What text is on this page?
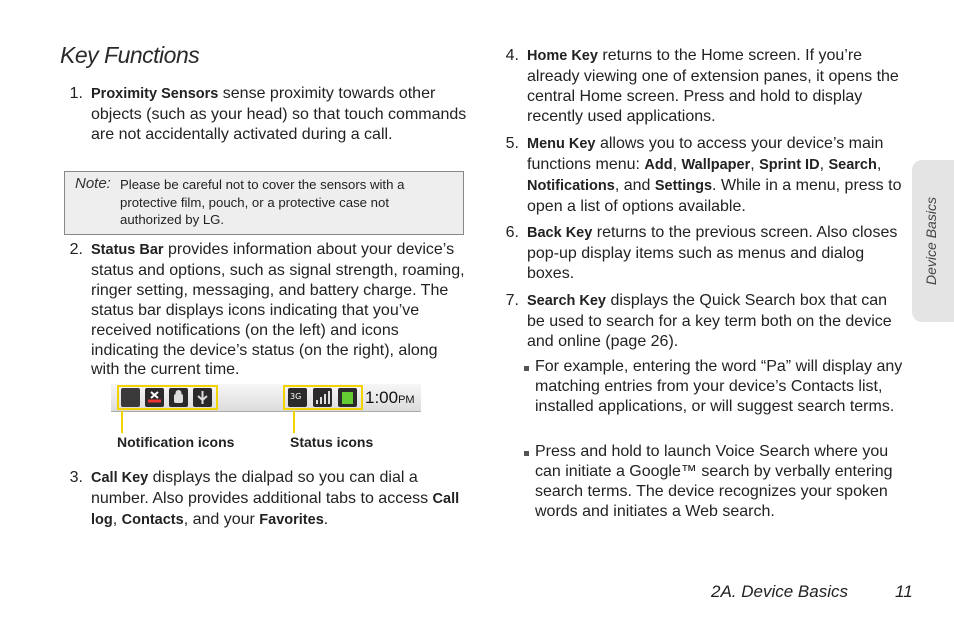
Key Functions
1. Proximity Sensors sense proximity towards other objects (such as your head) so that touch commands are not accidentally activated during a call.
Note: Please be careful not to cover the sensors with a protective film, pouch, or a protective case not authorized by LG.
2. Status Bar provides information about your device’s status and options, such as signal strength, roaming, ringer setting, messaging, and battery charge. The status bar displays icons indicating that you’ve received notifications (on the left) and icons indicating the device’s status (on the right), along with the current time.
3G	1:00PM
Notification icons	Status icons
3. Call Key displays the dialpad so you can dial a number. Also provides additional tabs to access Call log, Contacts, and your Favorites.
4. Home Key returns to the Home screen. If you’re already viewing one of extension panes, it opens the central Home screen. Press and hold to display recently used applications.
5. Menu Key allows you to access your device’s main functions menu: Add, Wallpaper, Sprint ID, Search, Notifications, and Settings. While in a menu, press to open a list of options available.
6. Back Key returns to the previous screen. Also closes pop-up display items such as menus and dialog boxes.
7. Search Key displays the Quick Search box that can be used to search for a key term both on the device and online (page 26).
For example, entering the word “Pa” will display any matching entries from your device’s Contacts list, installed applications, or will suggest search terms.
Press and hold to launch Voice Search where you can initiate a Google™ search by verbally entering search terms. The device recognizes your spoken words and initiates a Web search.
Device Basics
2A. Device Basics	11
